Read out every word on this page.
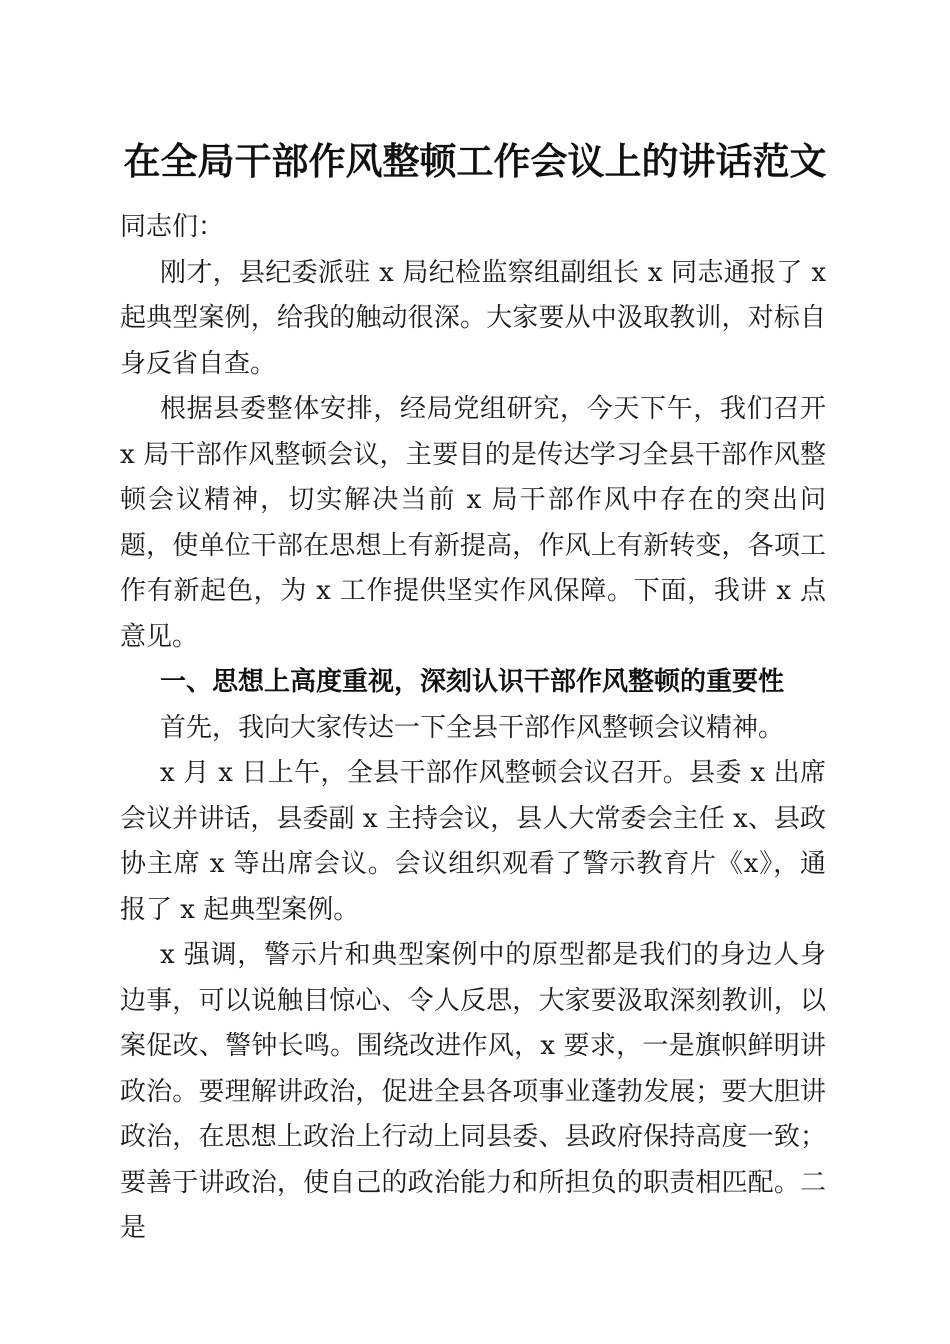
在全局干部作风整顿工作会议上的讲话范文

同志们：

刚才，县纪委派驻 x 局纪检监察组副组长 x 同志通报了 x 起典型案例，给我的触动很深。大家要从中汲取教训，对标自身反省自查。

根据县委整体安排，经局党组研究，今天下午，我们召开 x 局干部作风整顿会议，主要目的是传达学习全县干部作风整顿会议精神，切实解决当前 x 局干部作风中存在的突出问题，使单位干部在思想上有新提高，作风上有新转变，各项工作有新起色，为 x 工作提供坚实作风保障。下面，我讲 x 点意见。

一、思想上高度重视，深刻认识干部作风整顿的重要性

首先，我向大家传达一下全县干部作风整顿会议精神。

x 月 x 日上午，全县干部作风整顿会议召开。县委 x 出席会议并讲话，县委副 x 主持会议，县人大常委会主任 x、县政协主席 x 等出席会议。会议组织观看了警示教育片《x》，通报了 x 起典型案例。

x 强调，警示片和典型案例中的原型都是我们的身边人身边事，可以说触目惊心、令人反思，大家要汲取深刻教训，以案促改、警钟长鸣。围绕改进作风，x 要求，一是旗帜鲜明讲政治。要理解讲政治，促进全县各项事业蓬勃发展；要大胆讲政治，在思想上政治上行动上同县委、县政府保持高度一致；要善于讲政治，使自己的政治能力和所担负的职责相匹配。二是
